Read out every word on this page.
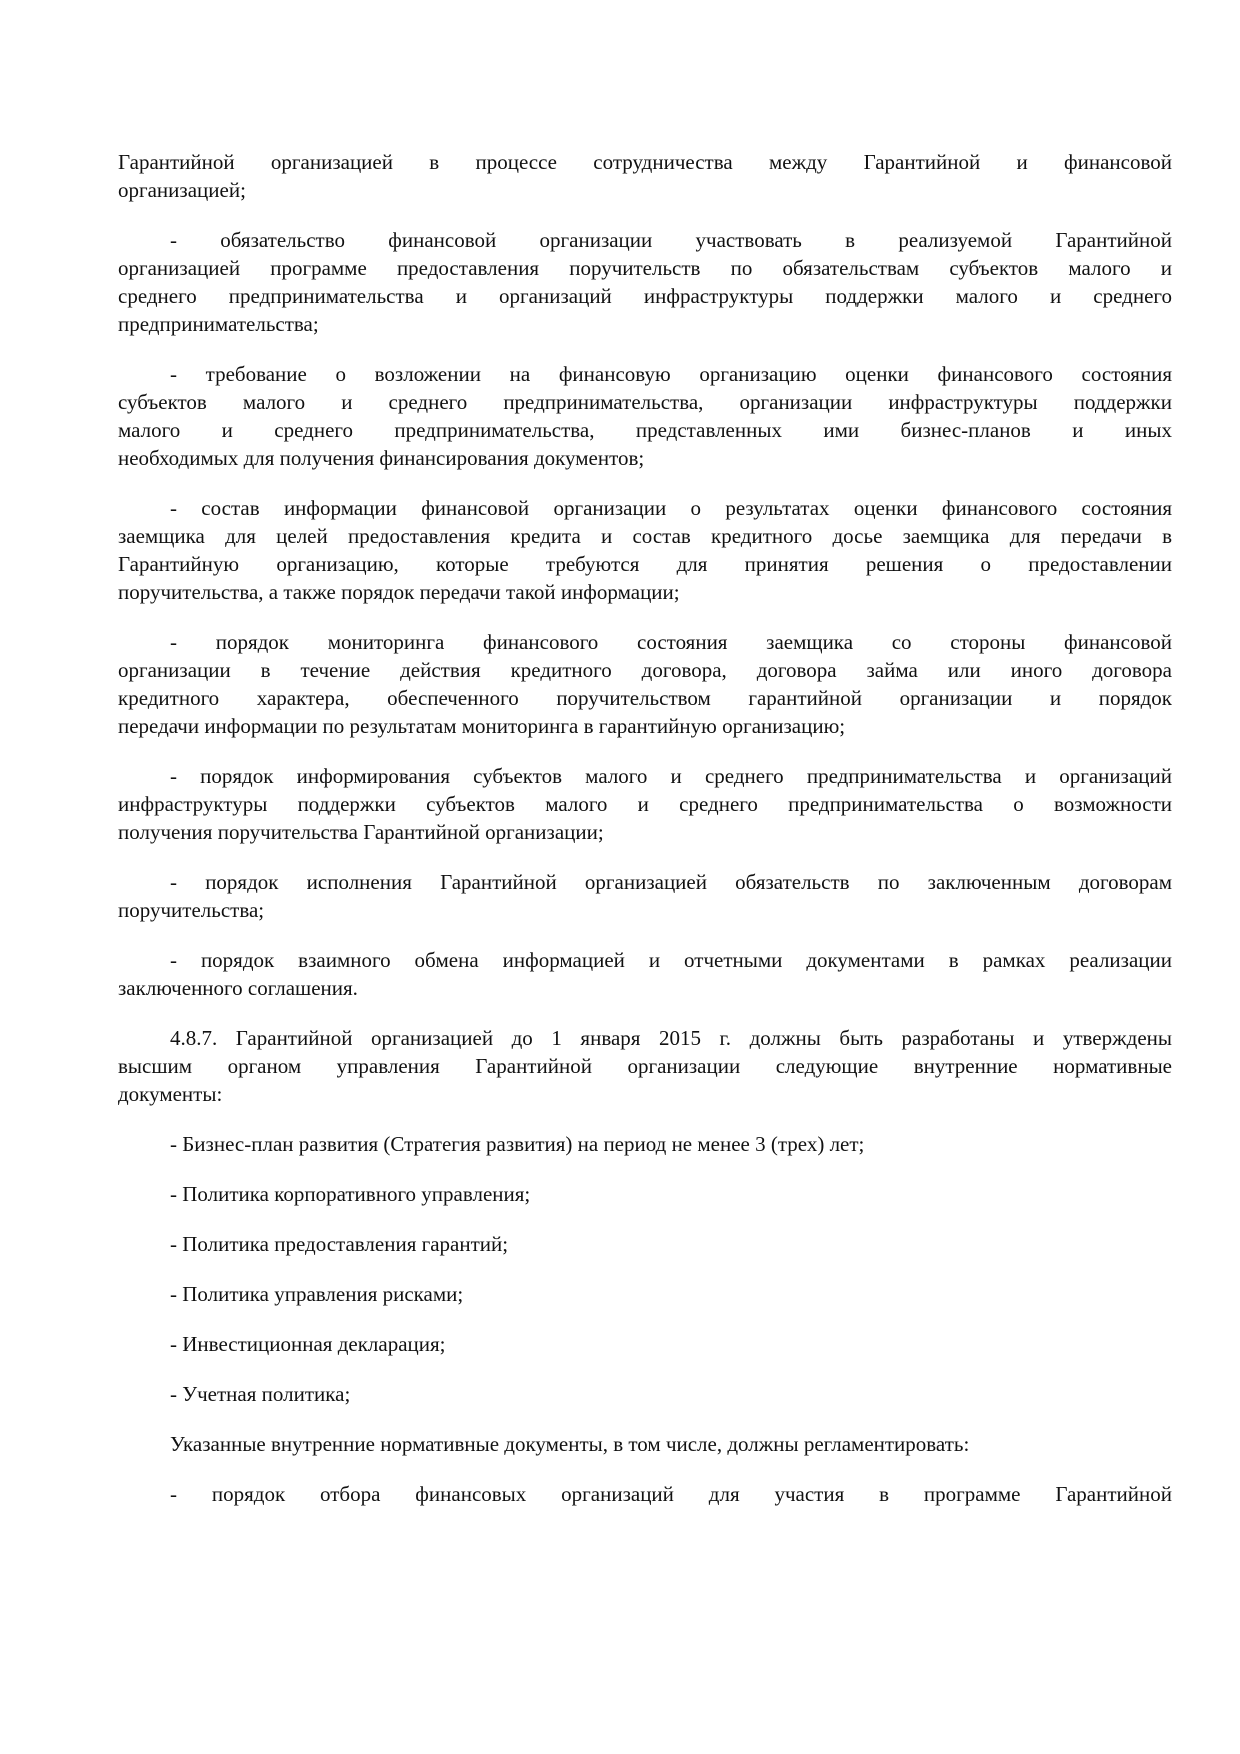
Гарантийной организацией в процессе сотрудничества между Гарантийной и финансовой
организацией;
- обязательство финансовой организации участвовать в реализуемой Гарантийной
организацией программе предоставления поручительств по обязательствам субъектов малого и
среднего предпринимательства и организаций инфраструктуры поддержки малого и среднего
предпринимательства;
- требование о возложении на финансовую организацию оценки финансового состояния
субъектов малого и среднего предпринимательства, организации инфраструктуры поддержки
малого и среднего предпринимательства, представленных ими бизнес-планов и иных
необходимых для получения финансирования документов;
- состав информации финансовой организации о результатах оценки финансового состояния
заемщика для целей предоставления кредита и состав кредитного досье заемщика для передачи в
Гарантийную организацию, которые требуются для принятия решения о предоставлении
поручительства, а также порядок передачи такой информации;
- порядок мониторинга финансового состояния заемщика со стороны финансовой
организации в течение действия кредитного договора, договора займа или иного договора
кредитного характера, обеспеченного поручительством гарантийной организации и порядок
передачи информации по результатам мониторинга в гарантийную организацию;
- порядок информирования субъектов малого и среднего предпринимательства и организаций
инфраструктуры поддержки субъектов малого и среднего предпринимательства о возможности
получения поручительства Гарантийной организации;
- порядок исполнения Гарантийной организацией обязательств по заключенным договорам
поручительства;
- порядок взаимного обмена информацией и отчетными документами в рамках реализации
заключенного соглашения.
4.8.7. Гарантийной организацией до 1 января 2015 г. должны быть разработаны и утверждены
высшим органом управления Гарантийной организации следующие внутренние нормативные
документы:
- Бизнес-план развития (Стратегия развития) на период не менее 3 (трех) лет;
- Политика корпоративного управления;
- Политика предоставления гарантий;
- Политика управления рисками;
- Инвестиционная декларация;
- Учетная политика;
Указанные внутренние нормативные документы, в том числе, должны регламентировать:
- порядок отбора финансовых организаций для участия в программе Гарантийной
